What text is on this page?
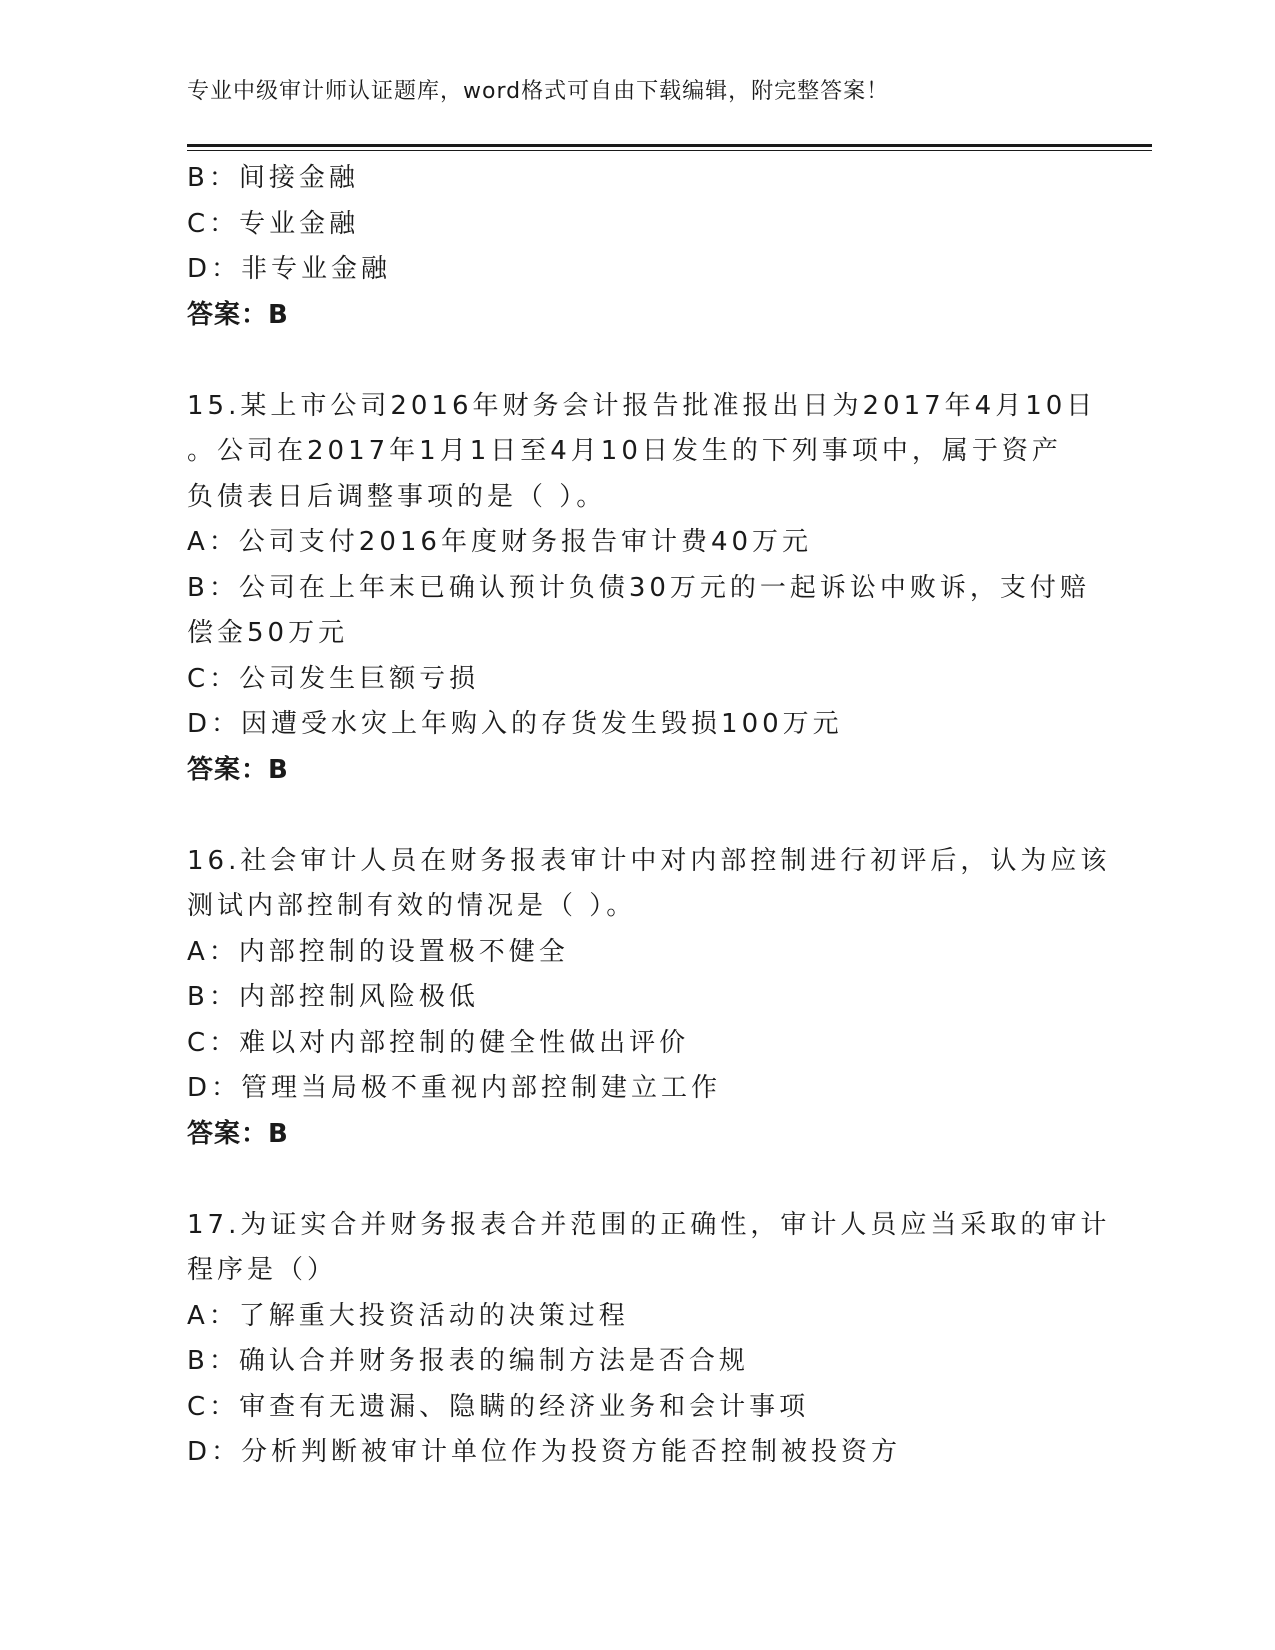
专业中级审计师认证题库，word格式可自由下载编辑，附完整答案！
B：间接金融
C：专业金融
D：非专业金融
答案：B
15.某上市公司2016年财务会计报告批准报出日为2017年4月10日
。公司在2017年1月1日至4月10日发生的下列事项中，属于资产
负债表日后调整事项的是（ ）。
A：公司支付2016年度财务报告审计费40万元
B：公司在上年末已确认预计负债30万元的一起诉讼中败诉，支付赔
偿金50万元
C：公司发生巨额亏损
D：因遭受水灾上年购入的存货发生毁损100万元
答案：B
16.社会审计人员在财务报表审计中对内部控制进行初评后，认为应该
测试内部控制有效的情况是（ ）。
A：内部控制的设置极不健全
B：内部控制风险极低
C：难以对内部控制的健全性做出评价
D：管理当局极不重视内部控制建立工作
答案：B
17.为证实合并财务报表合并范围的正确性，审计人员应当采取的审计
程序是（）
A：了解重大投资活动的决策过程
B：确认合并财务报表的编制方法是否合规
C：审查有无遗漏、隐瞒的经济业务和会计事项
D：分析判断被审计单位作为投资方能否控制被投资方
